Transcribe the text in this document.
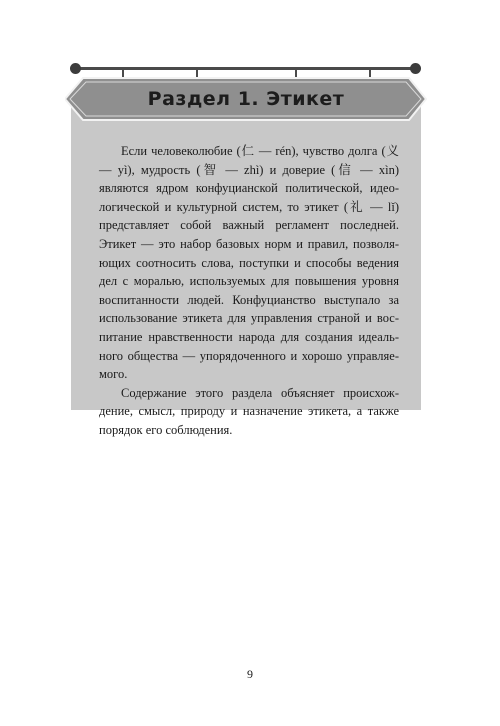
Раздел 1. Этикет

Если человеколюбие (仁 — rén), чувство долга (义 — yì), мудрость (智 — zhì) и доверие (信 — xìn) являются ядром конфуцианской политической, идеологической и культурной систем, то этикет (礼 — lǐ) представляет собой важный регламент последней. Этикет — это набор базовых норм и правил, позволяющих соотносить слова, поступки и способы ведения дел с моралью, используемых для повышения уровня воспитанности людей. Конфуцианство выступало за использование этикета для управления страной и воспитание нравственности народа для создания идеального общества — упорядоченного и хорошо управляемого.

Содержание этого раздела объясняет происхождение, смысл, природу и назначение этикета, а также порядок его соблюдения.

9
